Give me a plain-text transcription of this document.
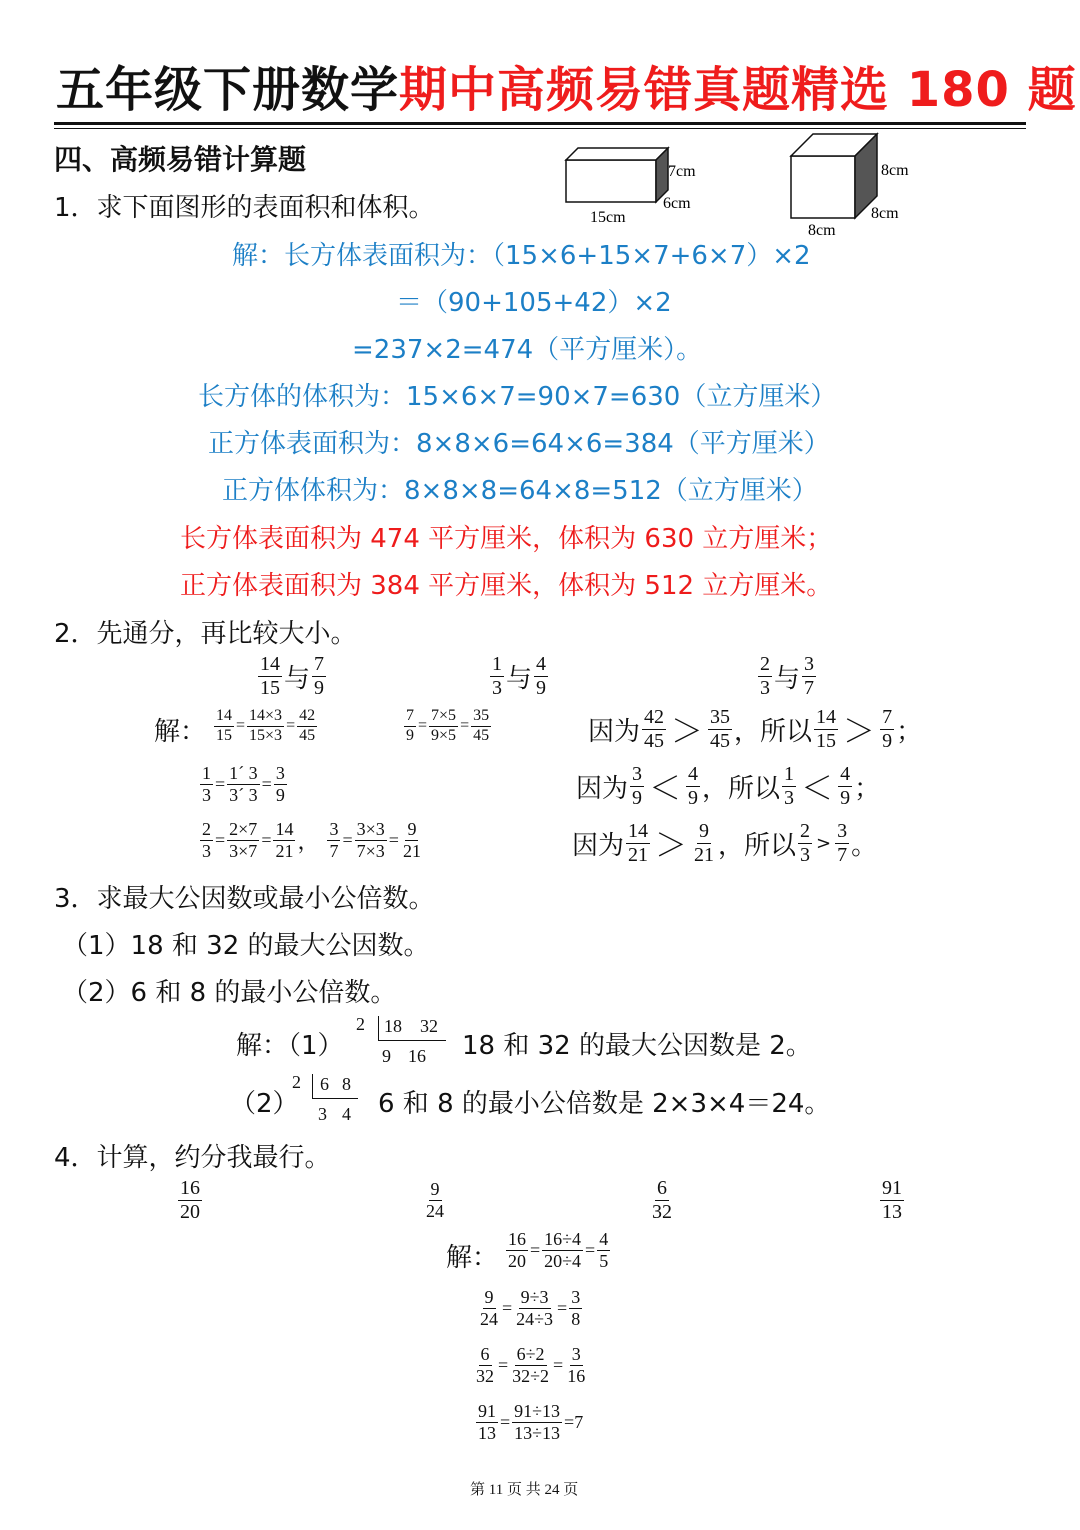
五年级下册数学期中高频易错真题精选 180 题
四、高频易错计算题
1．求下面图形的表面积和体积。
7cm
6cm
15cm
8cm
8cm
8cm
解：长方体表面积为：（15×6+15×7+6×7）×2
＝（90+105+42）×2
=237×2=474（平方厘米）。
长方体的体积为：15×6×7=90×7=630（立方厘米）
正方体表面积为：8×8×6=64×6=384（平方厘米）
正方体体积为：8×8×8=64×8=512（立方厘米）
长方体表面积为 474 平方厘米，体积为 630 立方厘米；
正方体表面积为 384 平方厘米，体积为 512 立方厘米。
2．先通分，再比较大小。
$\frac{14}{15}$ 与 $\frac{7}{9}$	$\frac{1}{3}$ 与 $\frac{4}{9}$	$\frac{2}{3}$ 与 $\frac{3}{7}$
解： $\frac{14}{15} = \frac{14\times 3}{15\times 3} = \frac{42}{45}$	$\frac{7}{9} = \frac{7\times 5}{9\times 5} = \frac{35}{45}$
$\frac{1}{3} = \frac{1´ 3}{3´ 3} = \frac{3}{9}$
$\frac{2}{3} = \frac{2\times 7}{3\times 7} = \frac{14}{21}$ ， $\frac{3}{7} = \frac{3\times 3}{7\times 3} = \frac{9}{21}$
因为 $\frac{42}{45} > \frac{35}{45}$ ，所以 $\frac{14}{15} > \frac{7}{9}$ ；
因为 $\frac{3}{9} < \frac{4}{9}$ ，所以 $\frac{1}{3} < \frac{4}{9}$ ；
因为 $\frac{14}{21} > \frac{9}{21}$ ，所以 $\frac{2}{3} > \frac{3}{7}$ 。
3．求最大公因数或最小公倍数。
（1）18 和 32 的最大公因数。
（2）6 和 8 的最小公倍数。
解：（1）
2 18 32
9 16 18 和 32 的最大公因数是 2。
（2）
2 6 8
3 4 6 和 8 的最小公倍数是 2×3×4＝24。
4．计算，约分我最行。
$\frac{16}{20}$	$\frac{9}{24}$	$\frac{6}{32}$	$\frac{91}{13}$
解： $\frac{16}{20} = \frac{16\div 4}{20\div 4} = \frac{4}{5}$
$\frac{9}{24} = \frac{9\div 3}{24\div 3} = \frac{3}{8}$
$\frac{6}{32} = \frac{6\div 2}{32\div 2} = \frac{3}{16}$
$\frac{91}{13} = \frac{91\div 13}{13\div 13} = 7$
第 11 页 共 24 页
